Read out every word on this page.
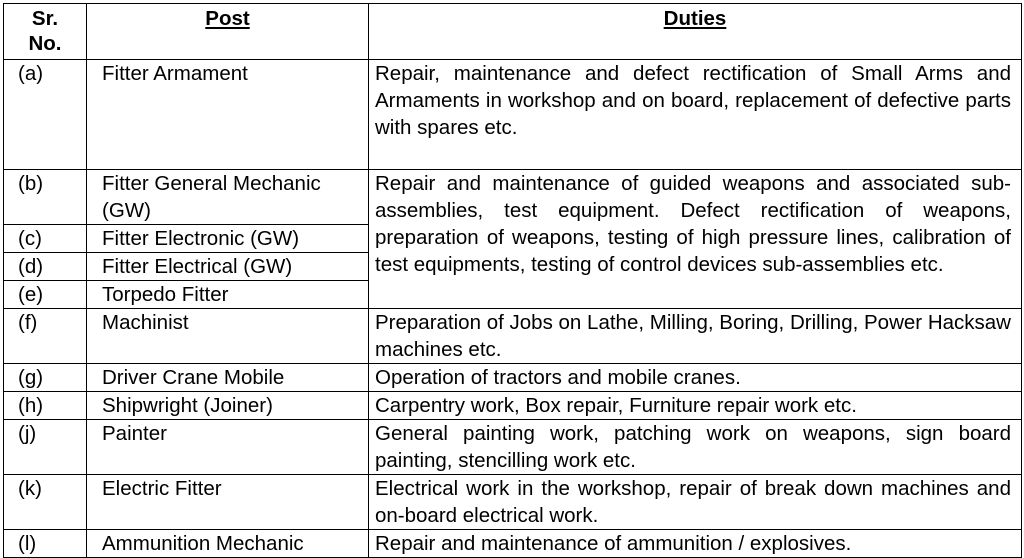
Sr. No.	Post	Duties
(a)	Fitter Armament	Repair, maintenance and defect rectification of Small Arms and Armaments in workshop and on board, replacement of defective parts with spares etc.
(b)	Fitter General Mechanic (GW)	Repair and maintenance of guided weapons and associated sub-assemblies, test equipment. Defect rectification of weapons, preparation of weapons, testing of high pressure lines, calibration of test equipments, testing of control devices sub-assemblies etc.
(c)	Fitter Electronic (GW)	
(d)	Fitter Electrical (GW)	
(e)	Torpedo Fitter	
(f)	Machinist	Preparation of Jobs on Lathe, Milling, Boring, Drilling, Power Hacksaw machines etc.
(g)	Driver Crane Mobile	Operation of tractors and mobile cranes.
(h)	Shipwright (Joiner)	Carpentry work, Box repair, Furniture repair work etc.
(j)	Painter	General painting work, patching work on weapons, sign board painting, stencilling work etc.
(k)	Electric Fitter	Electrical work in the workshop, repair of break down machines and on-board electrical work.
(l)	Ammunition Mechanic	Repair and maintenance of ammunition / explosives.
